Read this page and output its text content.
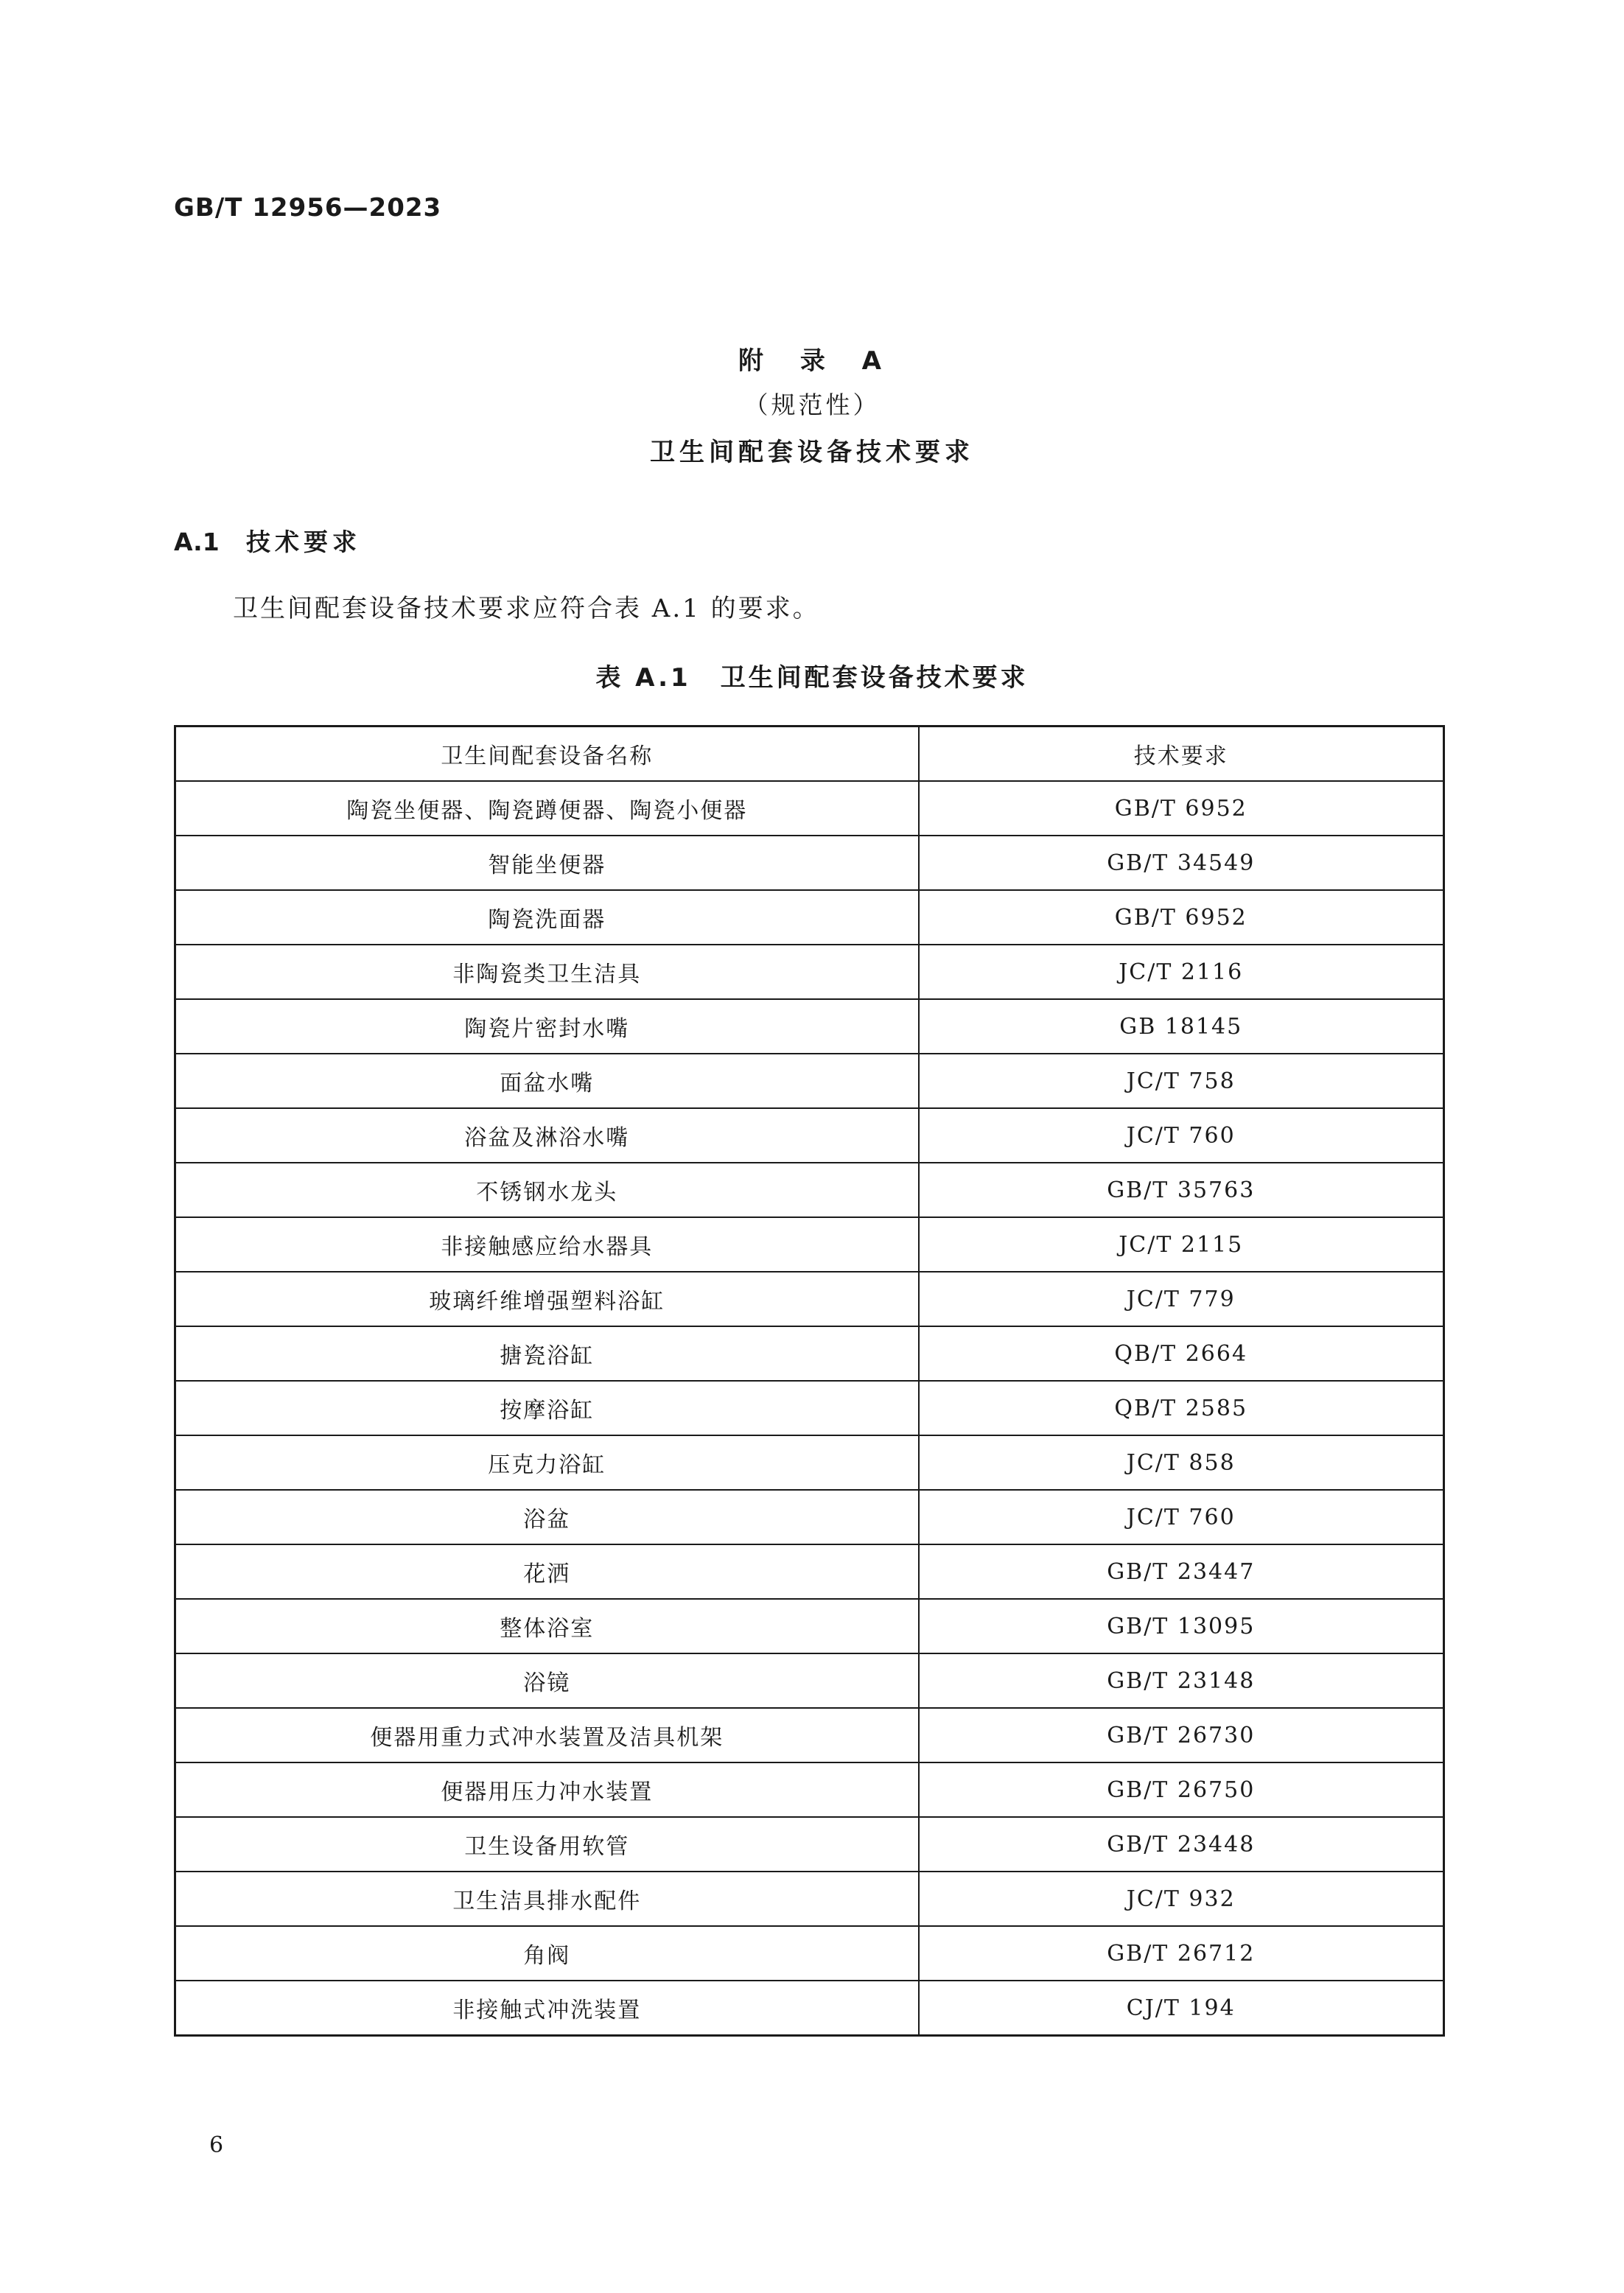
GB/T 12956—2023
附 录 A
（规范性）
卫生间配套设备技术要求
A.1 技术要求
卫生间配套设备技术要求应符合表 A.1 的要求。
表 A.1 卫生间配套设备技术要求
卫生间配套设备名称	技术要求
陶瓷坐便器、陶瓷蹲便器、陶瓷小便器	GB/T 6952
智能坐便器	GB/T 34549
陶瓷洗面器	GB/T 6952
非陶瓷类卫生洁具	JC/T 2116
陶瓷片密封水嘴	GB 18145
面盆水嘴	JC/T 758
浴盆及淋浴水嘴	JC/T 760
不锈钢水龙头	GB/T 35763
非接触感应给水器具	JC/T 2115
玻璃纤维增强塑料浴缸	JC/T 779
搪瓷浴缸	QB/T 2664
按摩浴缸	QB/T 2585
压克力浴缸	JC/T 858
浴盆	JC/T 760
花洒	GB/T 23447
整体浴室	GB/T 13095
浴镜	GB/T 23148
便器用重力式冲水装置及洁具机架	GB/T 26730
便器用压力冲水装置	GB/T 26750
卫生设备用软管	GB/T 23448
卫生洁具排水配件	JC/T 932
角阀	GB/T 26712
非接触式冲洗装置	CJ/T 194
6
